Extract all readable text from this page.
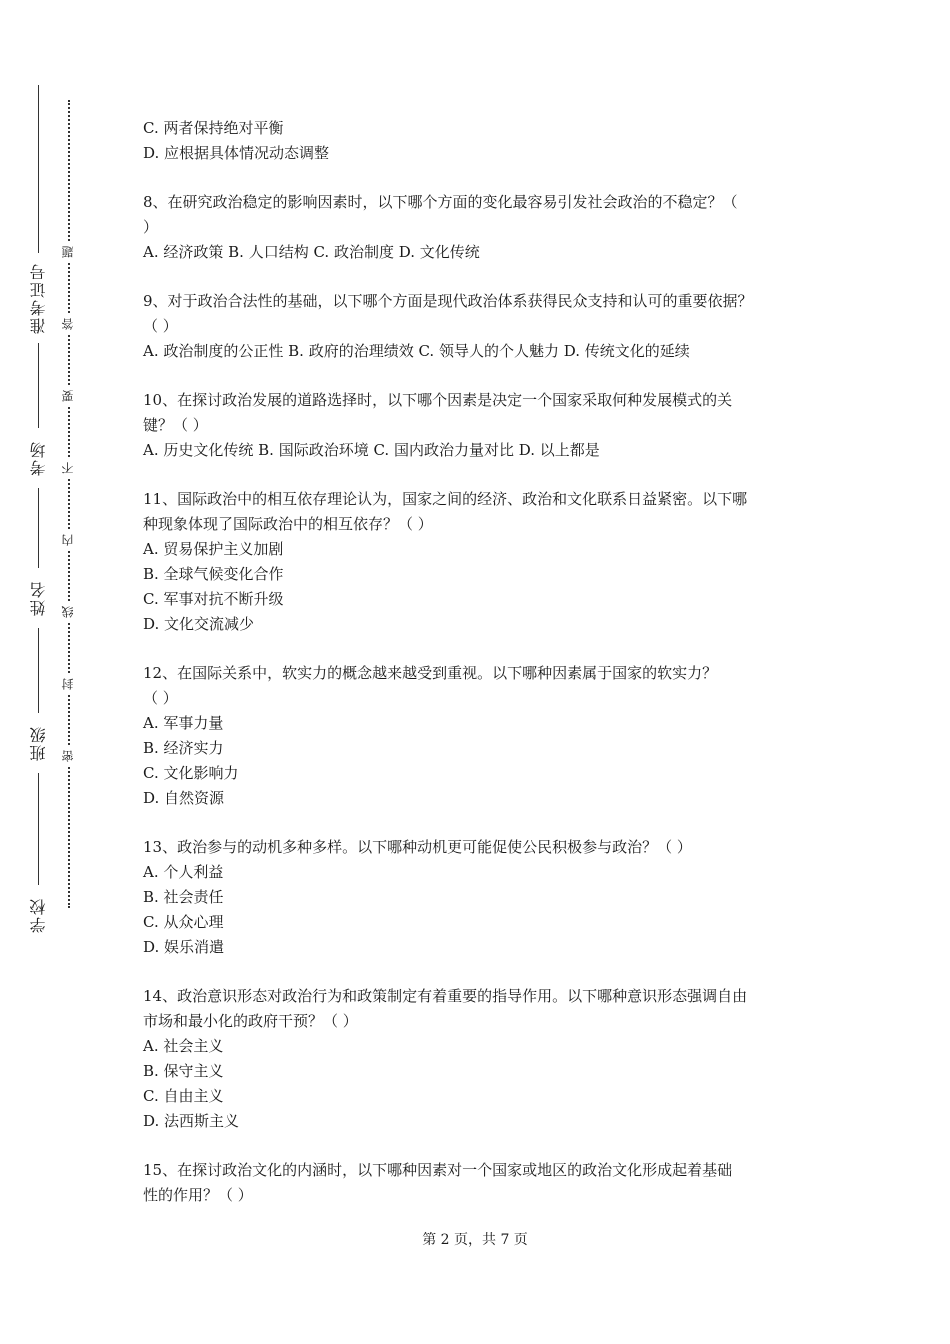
准考证号
考场
姓名
班级
学校
题
答
要
不
内
线
封
密
C. 两者保持绝对平衡
D. 应根据具体情况动态调整
8、在研究政治稳定的影响因素时，以下哪个方面的变化最容易引发社会政治的不稳定？（
）
A. 经济政策 B. 人口结构 C. 政治制度 D. 文化传统
9、对于政治合法性的基础，以下哪个方面是现代政治体系获得民众支持和认可的重要依据？
（ ）
A. 政治制度的公正性 B. 政府的治理绩效 C. 领导人的个人魅力 D. 传统文化的延续
10、在探讨政治发展的道路选择时，以下哪个因素是决定一个国家采取何种发展模式的关
键？（ ）
A. 历史文化传统 B. 国际政治环境 C. 国内政治力量对比 D. 以上都是
11、国际政治中的相互依存理论认为，国家之间的经济、政治和文化联系日益紧密。以下哪
种现象体现了国际政治中的相互依存？（ ）
A. 贸易保护主义加剧
B. 全球气候变化合作
C. 军事对抗不断升级
D. 文化交流减少
12、在国际关系中，软实力的概念越来越受到重视。以下哪种因素属于国家的软实力？
（ ）
A. 军事力量
B. 经济实力
C. 文化影响力
D. 自然资源
13、政治参与的动机多种多样。以下哪种动机更可能促使公民积极参与政治？（ ）
A. 个人利益
B. 社会责任
C. 从众心理
D. 娱乐消遣
14、政治意识形态对政治行为和政策制定有着重要的指导作用。以下哪种意识形态强调自由
市场和最小化的政府干预？（ ）
A. 社会主义
B. 保守主义
C. 自由主义
D. 法西斯主义
15、在探讨政治文化的内涵时，以下哪种因素对一个国家或地区的政治文化形成起着基础
性的作用？（ ）
第 2 页，共 7 页
